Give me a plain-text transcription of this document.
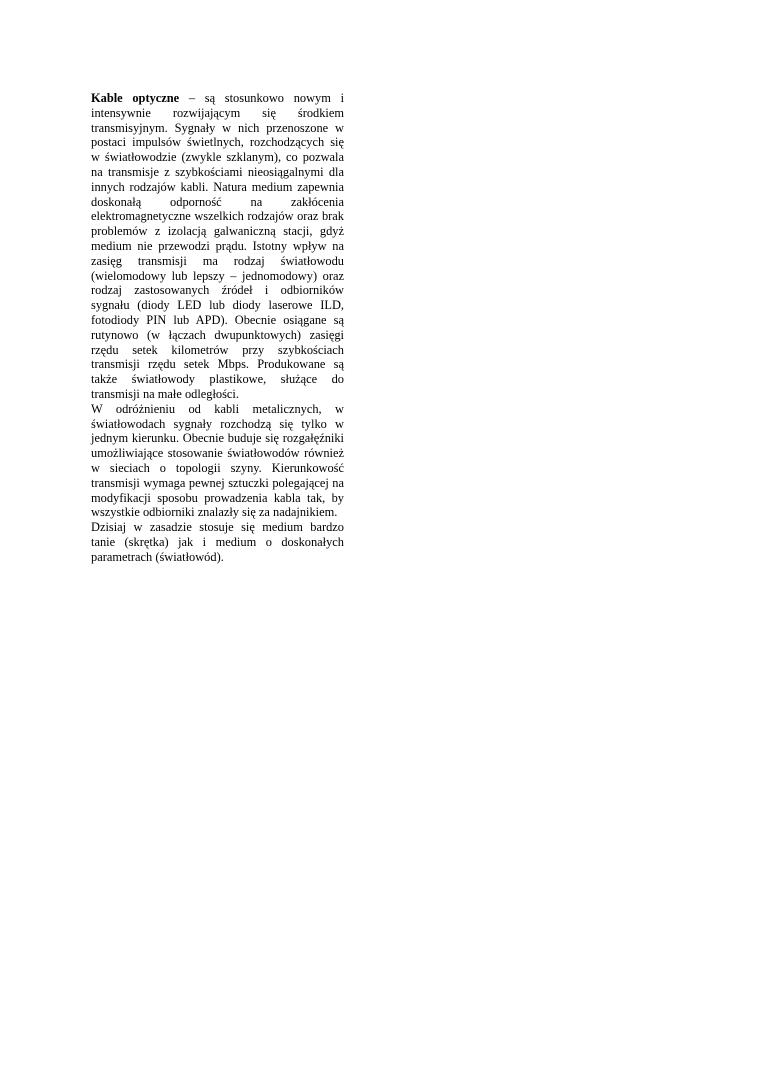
Kable optyczne – są stosunkowo nowym i intensywnie rozwijającym się środkiem transmisyjnym. Sygnały w nich przenoszone w postaci impulsów świetlnych, rozchodzących się w światłowodzie (zwykle szklanym), co pozwala na transmisje z szybkościami nieosiągalnymi dla innych rodzajów kabli. Natura medium zapewnia doskonałą odporność na zakłócenia elektromagnetyczne wszelkich rodzajów oraz brak problemów z izolacją galwaniczną stacji, gdyż medium nie przewodzi prądu. Istotny wpływ na zasięg transmisji ma rodzaj światłowodu (wielomodowy lub lepszy – jednomodowy) oraz rodzaj zastosowanych źródeł i odbiorników sygnału (diody LED lub diody laserowe ILD, fotodiody PIN lub APD). Obecnie osiągane są rutynowo (w łączach dwupunktowych) zasięgi rzędu setek kilometrów przy szybkościach transmisji rzędu setek Mbps. Produkowane są także światłowody plastikowe, służące do transmisji na małe odległości.

W odróżnieniu od kabli metalicznych, w światłowodach sygnały rozchodzą się tylko w jednym kierunku. Obecnie buduje się rozgałęźniki umożliwiające stosowanie światłowodów również w sieciach o topologii szyny. Kierunkowość transmisji wymaga pewnej sztuczki polegającej na modyfikacji sposobu prowadzenia kabla tak, by wszystkie odbiorniki znalazły się za nadajnikiem.

Dzisiaj w zasadzie stosuje się medium bardzo tanie (skrętka) jak i medium o doskonałych parametrach (światłowód).
